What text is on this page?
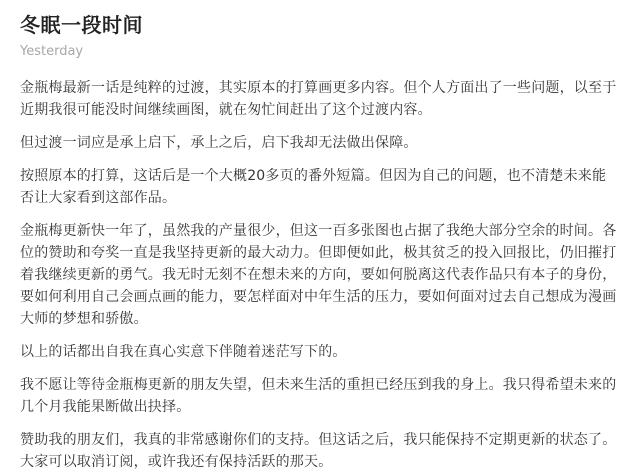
冬眠一段时间
Yesterday

金瓶梅最新一话是纯粹的过渡，其实原本的打算画更多内容。但个人方面出了一些问题，以至于近期我很可能没时间继续画图，就在匆忙间赶出了这个过渡内容。

但过渡一词应是承上启下，承上之后，启下我却无法做出保障。

按照原本的打算，这话后是一个大概20多页的番外短篇。但因为自己的问题，也不清楚未来能否让大家看到这部作品。

金瓶梅更新快一年了，虽然我的产量很少，但这一百多张图也占据了我绝大部分空余的时间。各位的赞助和夸奖一直是我坚持更新的最大动力。但即便如此，极其贫乏的投入回报比，仍旧摧打着我继续更新的勇气。我无时无刻不在想未来的方向，要如何脱离这代表作品只有本子的身份，要如何利用自己会画点画的能力，要怎样面对中年生活的压力，要如何面对过去自己想成为漫画大师的梦想和骄傲。

以上的话都出自我在真心实意下伴随着迷茫写下的。

我不愿让等待金瓶梅更新的朋友失望，但未来生活的重担已经压到我的身上。我只得希望未来的几个月我能果断做出抉择。

赞助我的朋友们，我真的非常感谢你们的支持。但这话之后，我只能保持不定期更新的状态了。大家可以取消订阅，或许我还有保持活跃的那天。
